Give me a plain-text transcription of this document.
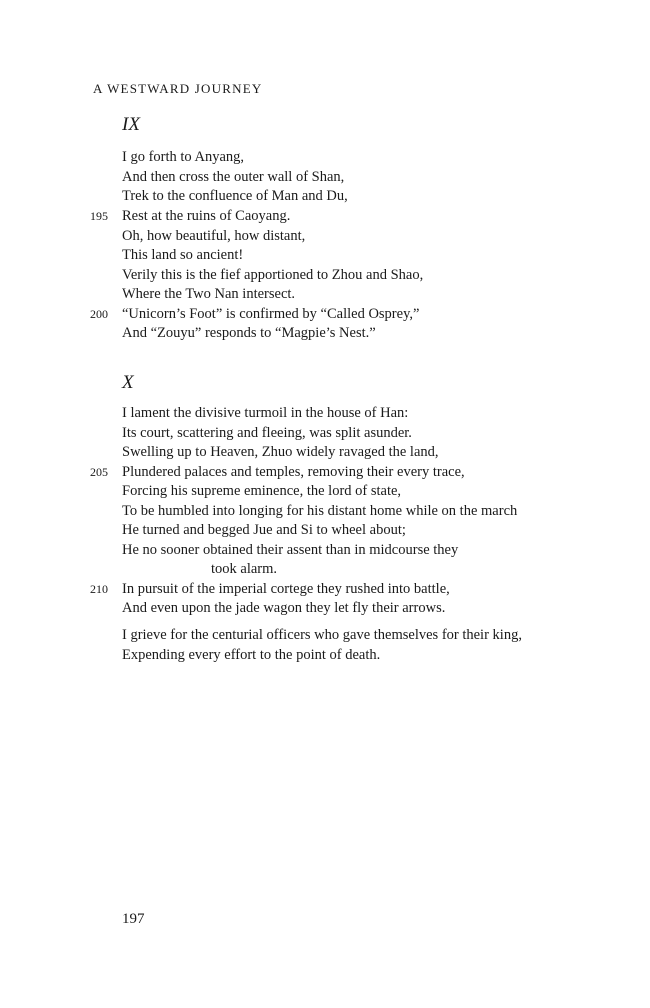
A WESTWARD JOURNEY
IX
I go forth to Anyang,
And then cross the outer wall of Shan,
Trek to the confluence of Man and Du,
195 Rest at the ruins of Caoyang.
Oh, how beautiful, how distant,
This land so ancient!
Verily this is the fief apportioned to Zhou and Shao,
Where the Two Nan intersect.
200 “Unicorn’s Foot” is confirmed by “Called Osprey,”
And “Zouyu” responds to “Magpie’s Nest.”
X
I lament the divisive turmoil in the house of Han:
Its court, scattering and fleeing, was split asunder.
Swelling up to Heaven, Zhuo widely ravaged the land,
205 Plundered palaces and temples, removing their every trace,
Forcing his supreme eminence, the lord of state,
To be humbled into longing for his distant home while on the march
He turned and begged Jue and Si to wheel about;
He no sooner obtained their assent than in midcourse they
took alarm.
210 In pursuit of the imperial cortege they rushed into battle,
And even upon the jade wagon they let fly their arrows.
I grieve for the centurial officers who gave themselves for their king,
Expending every effort to the point of death.
197
